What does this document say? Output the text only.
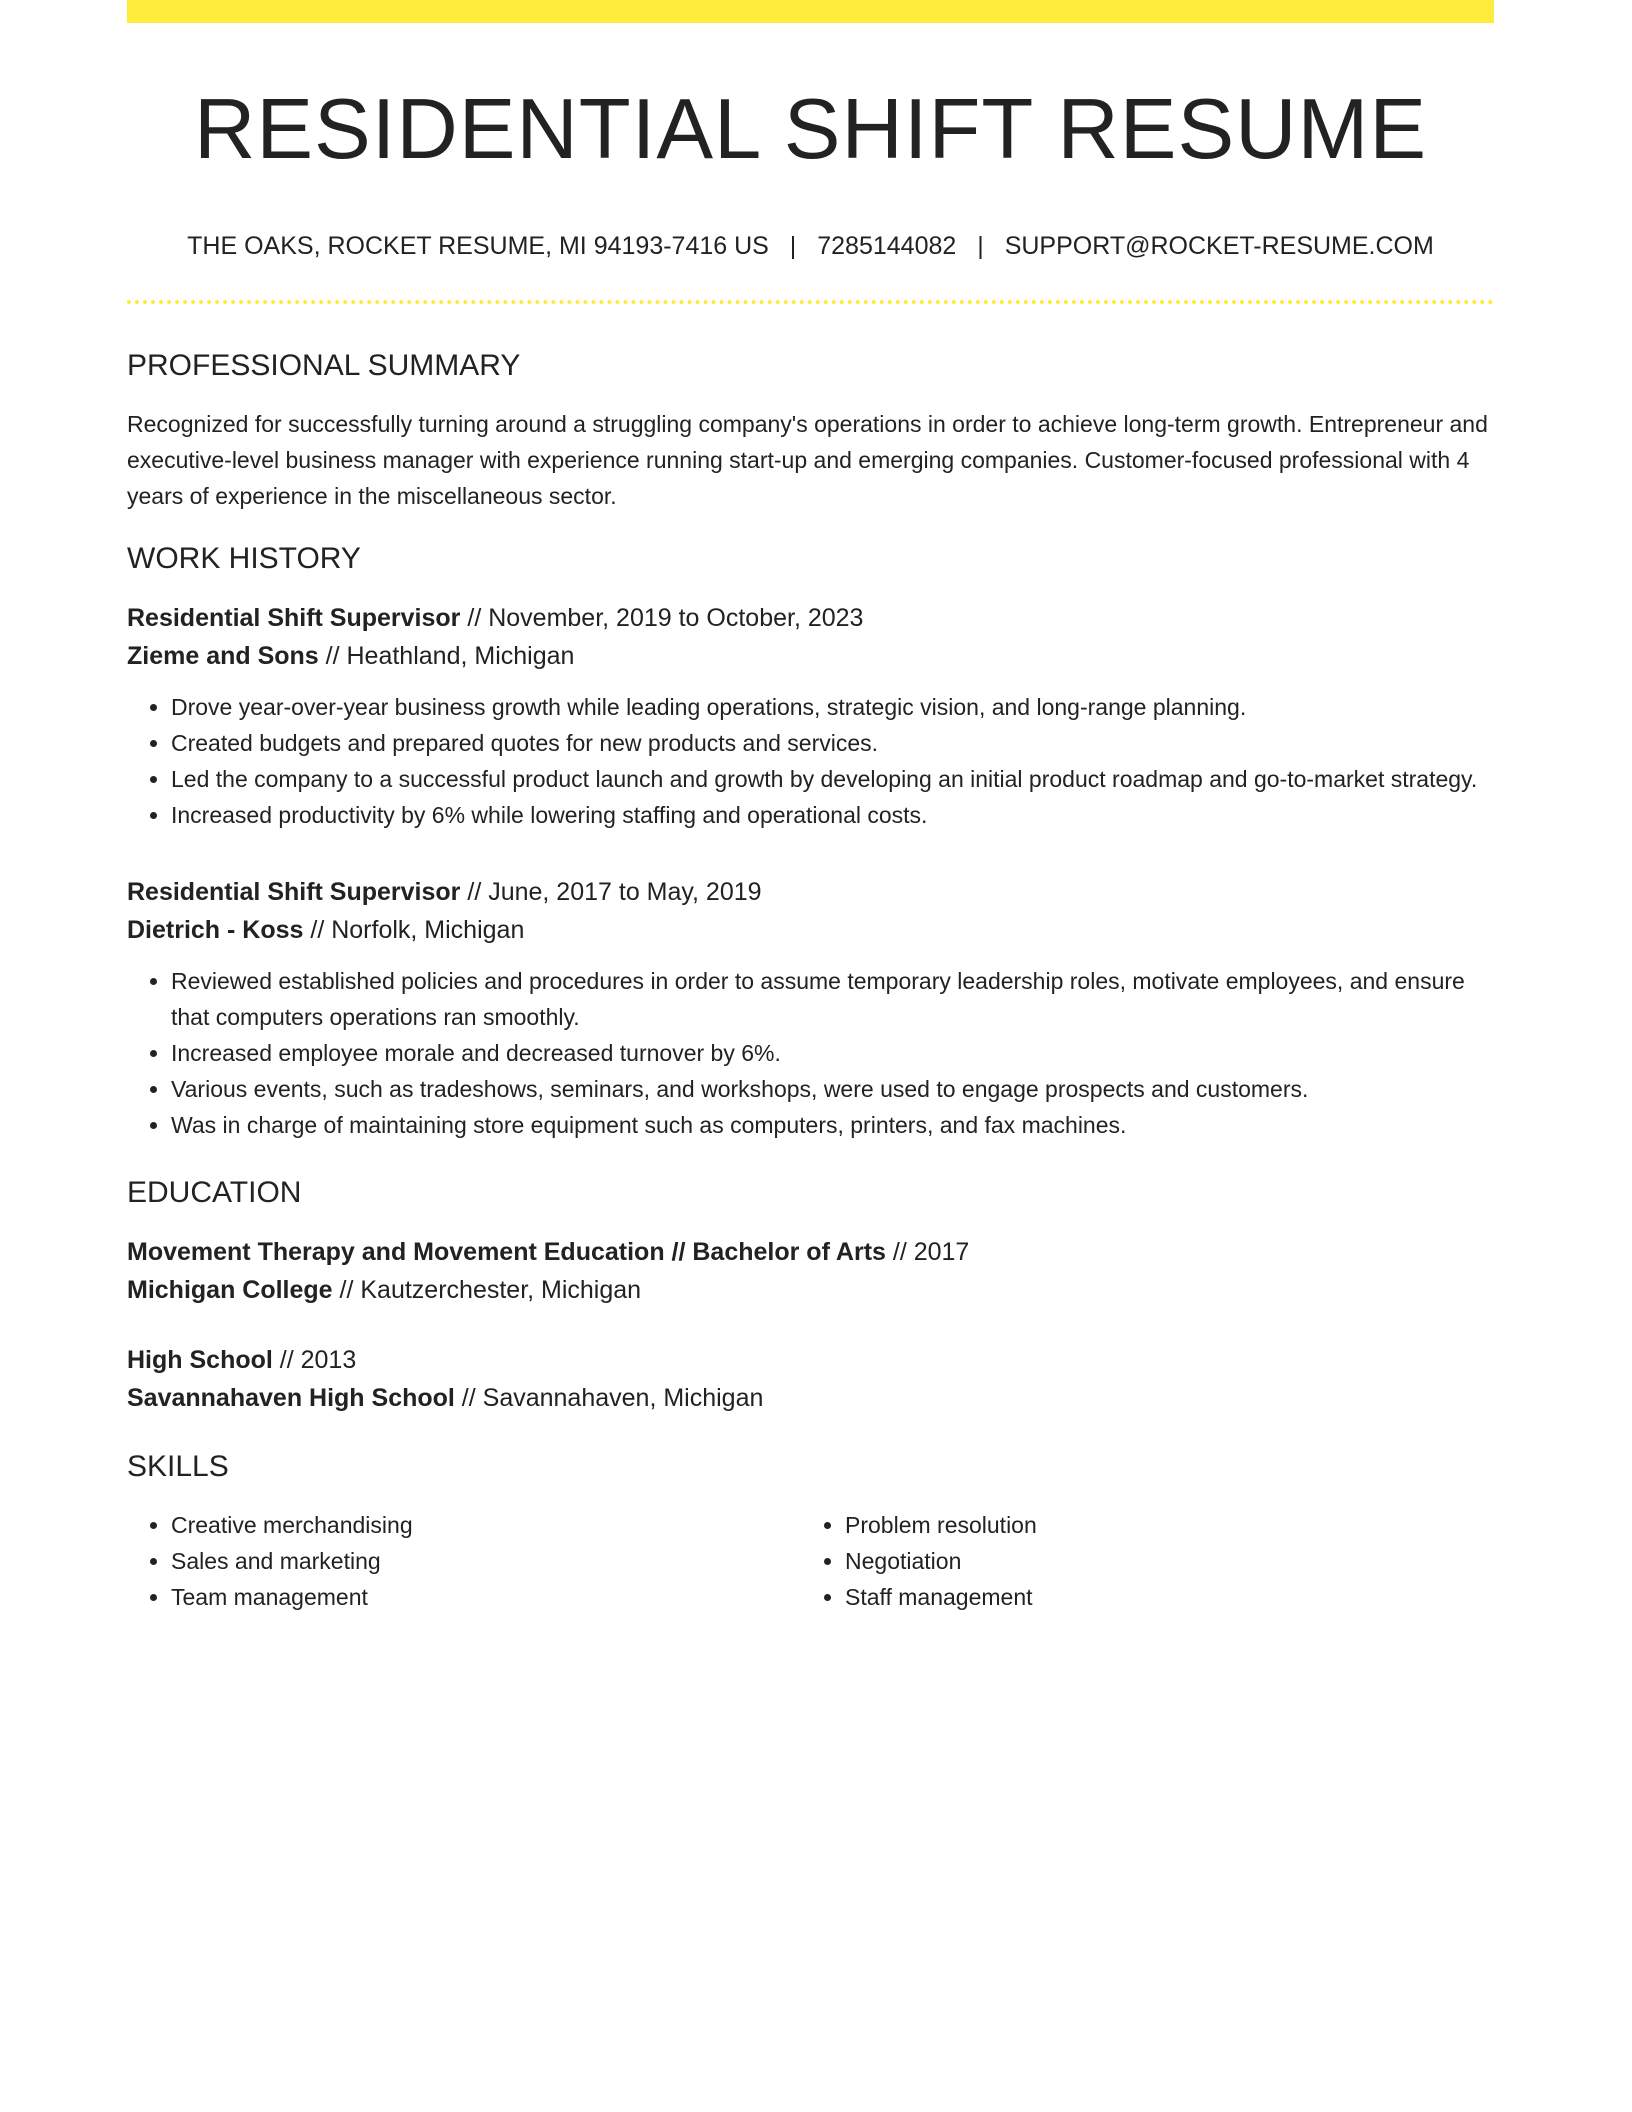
RESIDENTIAL SHIFT RESUME
THE OAKS, ROCKET RESUME, MI 94193-7416 US | 7285144082 | SUPPORT@ROCKET-RESUME.COM
PROFESSIONAL SUMMARY
Recognized for successfully turning around a struggling company's operations in order to achieve long-term growth. Entrepreneur and executive-level business manager with experience running start-up and emerging companies. Customer-focused professional with 4 years of experience in the miscellaneous sector.
WORK HISTORY
Residential Shift Supervisor // November, 2019 to October, 2023
Zieme and Sons // Heathland, Michigan
• Drove year-over-year business growth while leading operations, strategic vision, and long-range planning.
• Created budgets and prepared quotes for new products and services.
• Led the company to a successful product launch and growth by developing an initial product roadmap and go-to-market strategy.
• Increased productivity by 6% while lowering staffing and operational costs.
Residential Shift Supervisor // June, 2017 to May, 2019
Dietrich - Koss // Norfolk, Michigan
• Reviewed established policies and procedures in order to assume temporary leadership roles, motivate employees, and ensure that computers operations ran smoothly.
• Increased employee morale and decreased turnover by 6%.
• Various events, such as tradeshows, seminars, and workshops, were used to engage prospects and customers.
• Was in charge of maintaining store equipment such as computers, printers, and fax machines.
EDUCATION
Movement Therapy and Movement Education // Bachelor of Arts // 2017
Michigan College // Kautzerchester, Michigan
High School // 2013
Savannahaven High School // Savannahaven, Michigan
SKILLS
• Creative merchandising
• Sales and marketing
• Team management
• Problem resolution
• Negotiation
• Staff management
